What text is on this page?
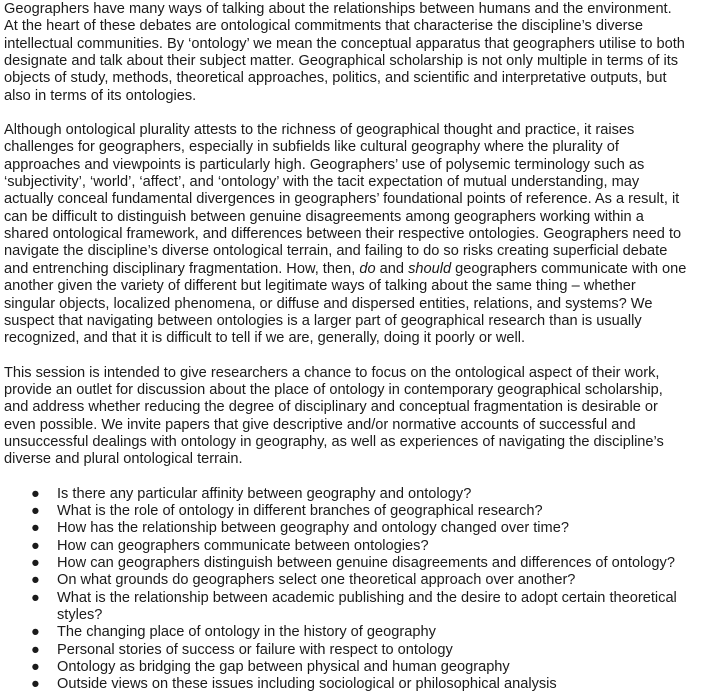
Geographers have many ways of talking about the relationships between humans and the environment.
At the heart of these debates are ontological commitments that characterise the discipline’s diverse
intellectual communities. By ‘ontology’ we mean the conceptual apparatus that geographers utilise to both
designate and talk about their subject matter. Geographical scholarship is not only multiple in terms of its
objects of study, methods, theoretical approaches, politics, and scientific and interpretative outputs, but
also in terms of its ontologies.

Although ontological plurality attests to the richness of geographical thought and practice, it raises
challenges for geographers, especially in subfields like cultural geography where the plurality of
approaches and viewpoints is particularly high. Geographers’ use of polysemic terminology such as
‘subjectivity’, ‘world’, ‘affect’, and ‘ontology’ with the tacit expectation of mutual understanding, may
actually conceal fundamental divergences in geographers’ foundational points of reference. As a result, it
can be difficult to distinguish between genuine disagreements among geographers working within a
shared ontological framework, and differences between their respective ontologies. Geographers need to
navigate the discipline’s diverse ontological terrain, and failing to do so risks creating superficial debate
and entrenching disciplinary fragmentation. How, then, do and should geographers communicate with one
another given the variety of different but legitimate ways of talking about the same thing – whether
singular objects, localized phenomena, or diffuse and dispersed entities, relations, and systems? We
suspect that navigating between ontologies is a larger part of geographical research than is usually
recognized, and that it is difficult to tell if we are, generally, doing it poorly or well.

This session is intended to give researchers a chance to focus on the ontological aspect of their work,
provide an outlet for discussion about the place of ontology in contemporary geographical scholarship,
and address whether reducing the degree of disciplinary and conceptual fragmentation is desirable or
even possible. We invite papers that give descriptive and/or normative accounts of successful and
unsuccessful dealings with ontology in geography, as well as experiences of navigating the discipline’s
diverse and plural ontological terrain.

● Is there any particular affinity between geography and ontology?
● What is the role of ontology in different branches of geographical research?
● How has the relationship between geography and ontology changed over time?
● How can geographers communicate between ontologies?
● How can geographers distinguish between genuine disagreements and differences of ontology?
● On what grounds do geographers select one theoretical approach over another?
● What is the relationship between academic publishing and the desire to adopt certain theoretical
styles?
● The changing place of ontology in the history of geography
● Personal stories of success or failure with respect to ontology
● Ontology as bridging the gap between physical and human geography
● Outside views on these issues including sociological or philosophical analysis
